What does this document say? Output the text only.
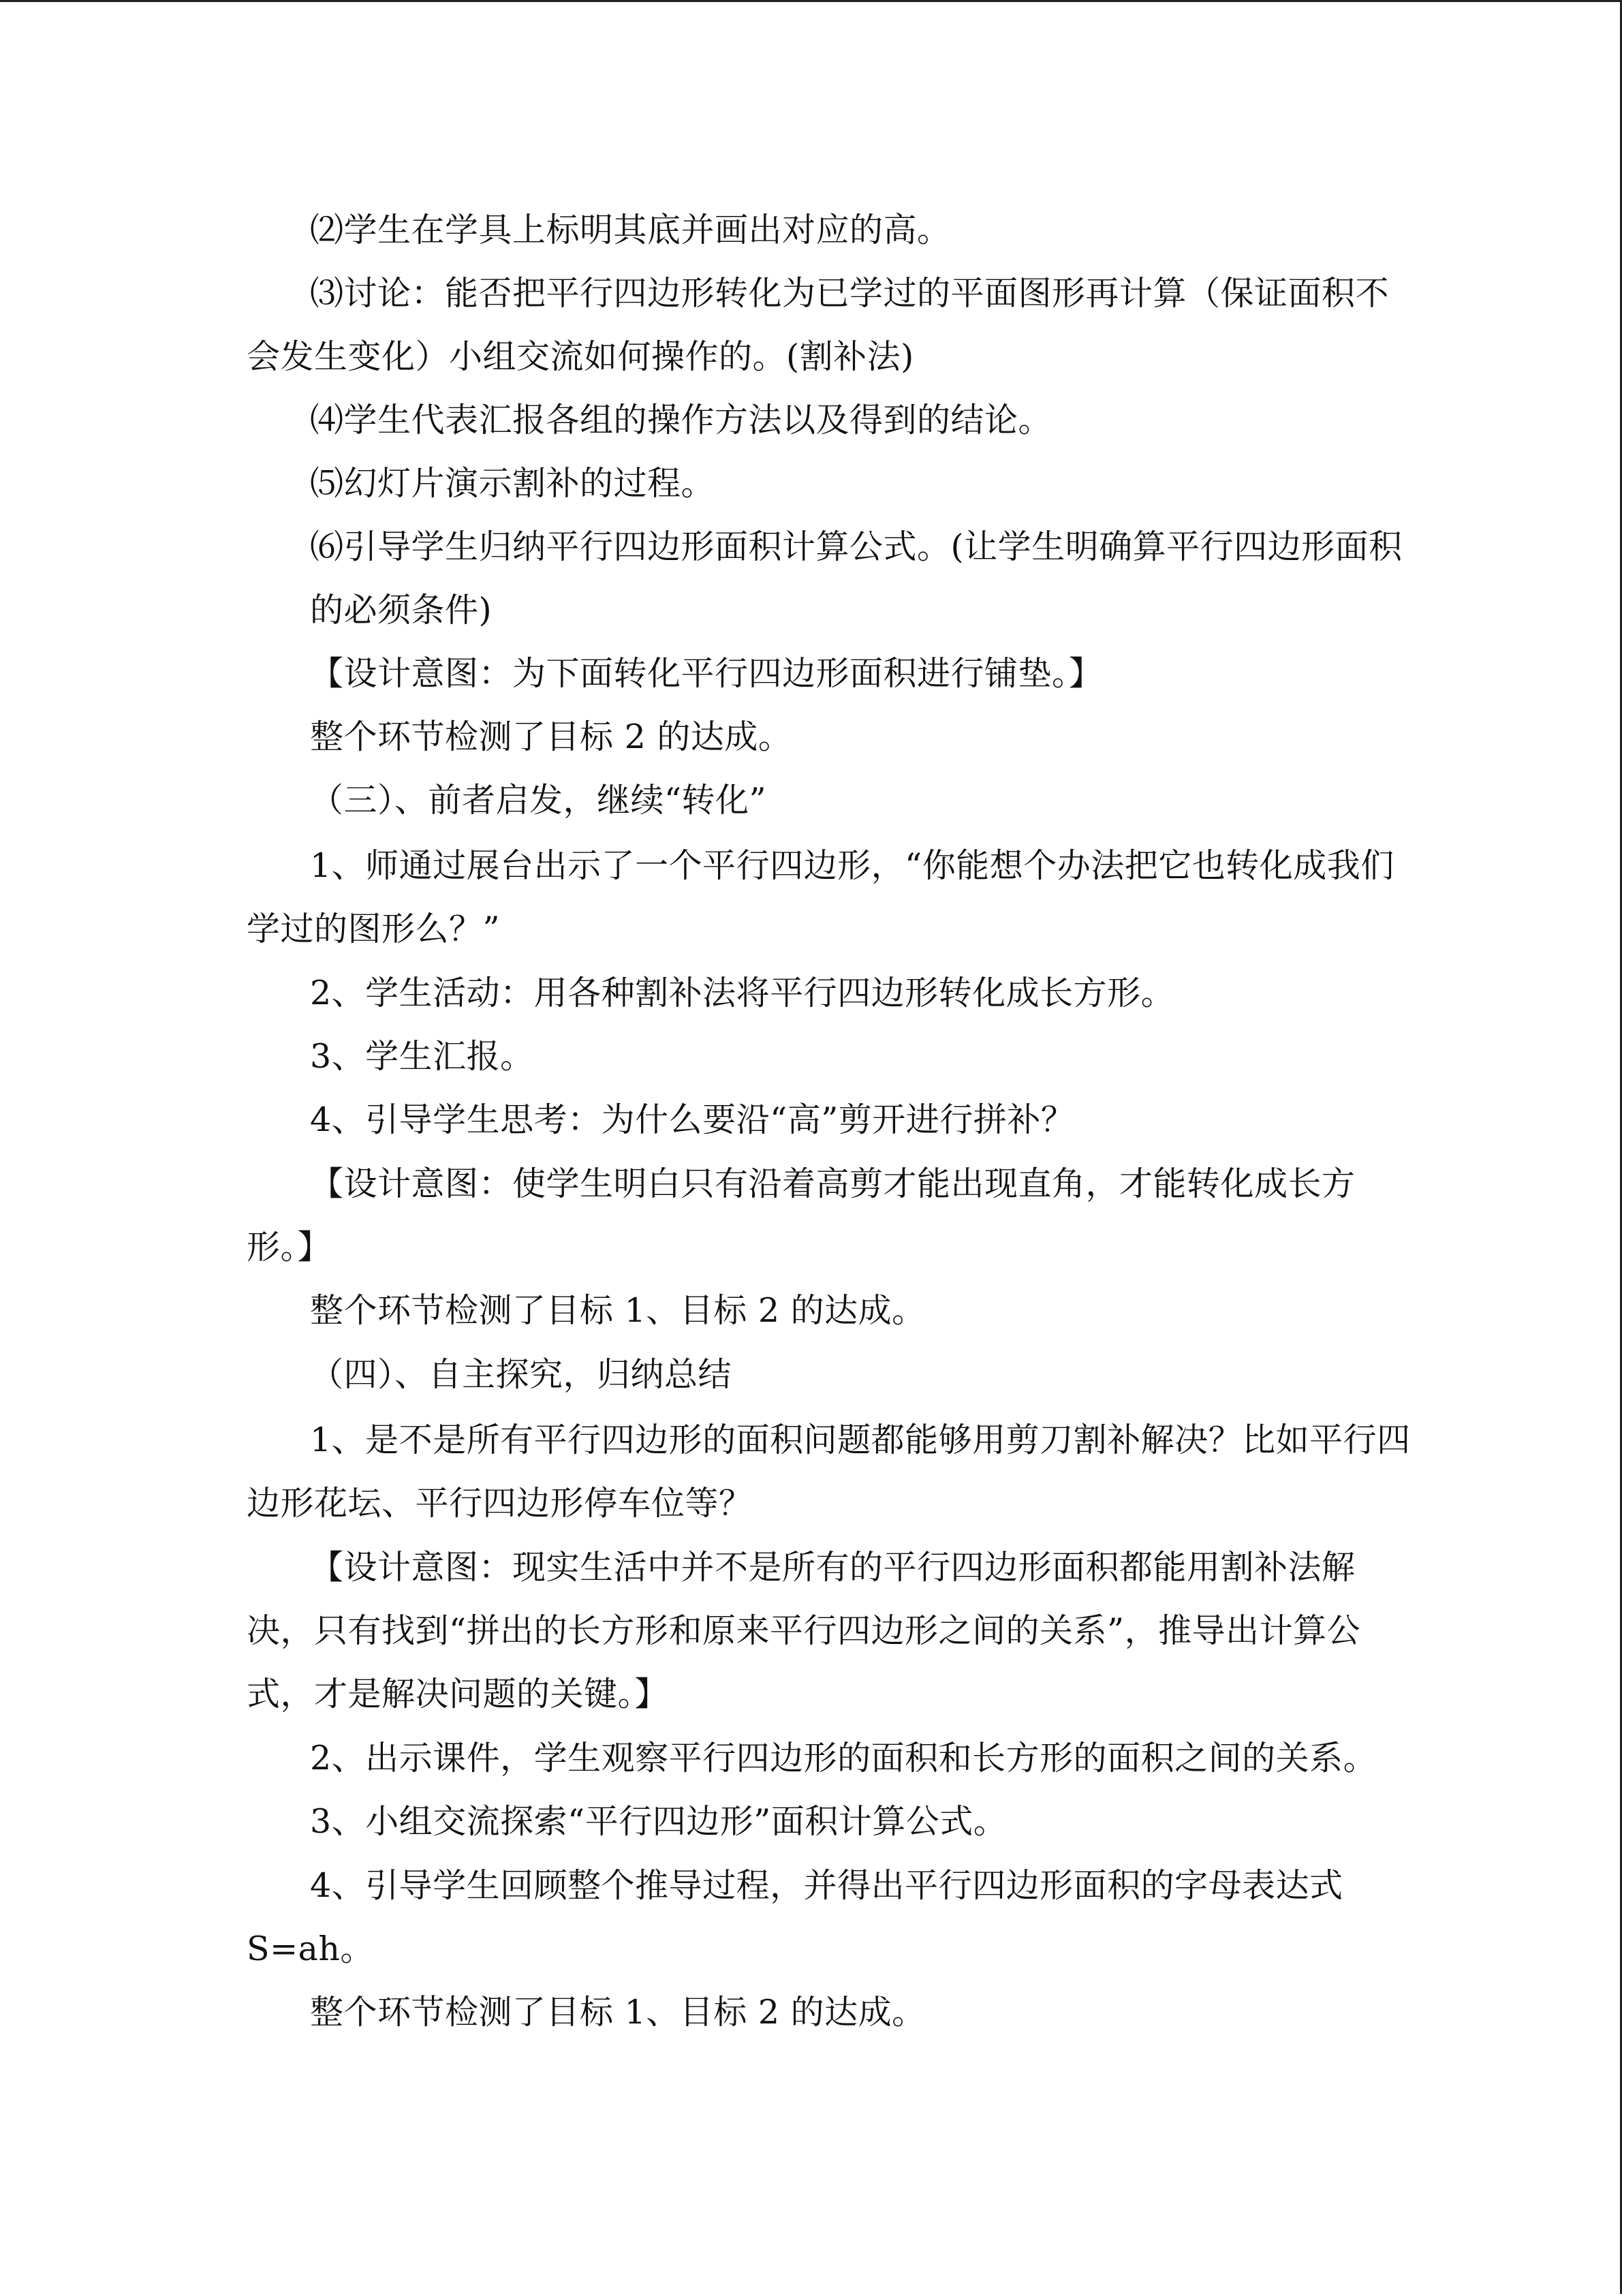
⑵学生在学具上标明其底并画出对应的高。
⑶讨论：能否把平行四边形转化为已学过的平面图形再计算（保证面积不
会发生变化）小组交流如何操作的。(割补法)
⑷学生代表汇报各组的操作方法以及得到的结论。
⑸幻灯片演示割补的过程。
⑹引导学生归纳平行四边形面积计算公式。(让学生明确算平行四边形面积
的必须条件)
【设计意图：为下面转化平行四边形面积进行铺垫。】
整个环节检测了目标 2 的达成。
（三）、前者启发，继续“转化”
1、师通过展台出示了一个平行四边形，“你能想个办法把它也转化成我们
学过的图形么？”
2、学生活动：用各种割补法将平行四边形转化成长方形。
3、学生汇报。
4、引导学生思考：为什么要沿“高”剪开进行拼补？
【设计意图：使学生明白只有沿着高剪才能出现直角，才能转化成长方
形。】
整个环节检测了目标 1、目标 2 的达成。
（四）、自主探究，归纳总结
1、是不是所有平行四边形的面积问题都能够用剪刀割补解决？比如平行四
边形花坛、平行四边形停车位等？
【设计意图：现实生活中并不是所有的平行四边形面积都能用割补法解
决，只有找到“拼出的长方形和原来平行四边形之间的关系”，推导出计算公
式，才是解决问题的关键。】
2、出示课件，学生观察平行四边形的面积和长方形的面积之间的关系。
3、小组交流探索“平行四边形”面积计算公式。
4、引导学生回顾整个推导过程，并得出平行四边形面积的字母表达式
S=ah。
整个环节检测了目标 1、目标 2 的达成。
